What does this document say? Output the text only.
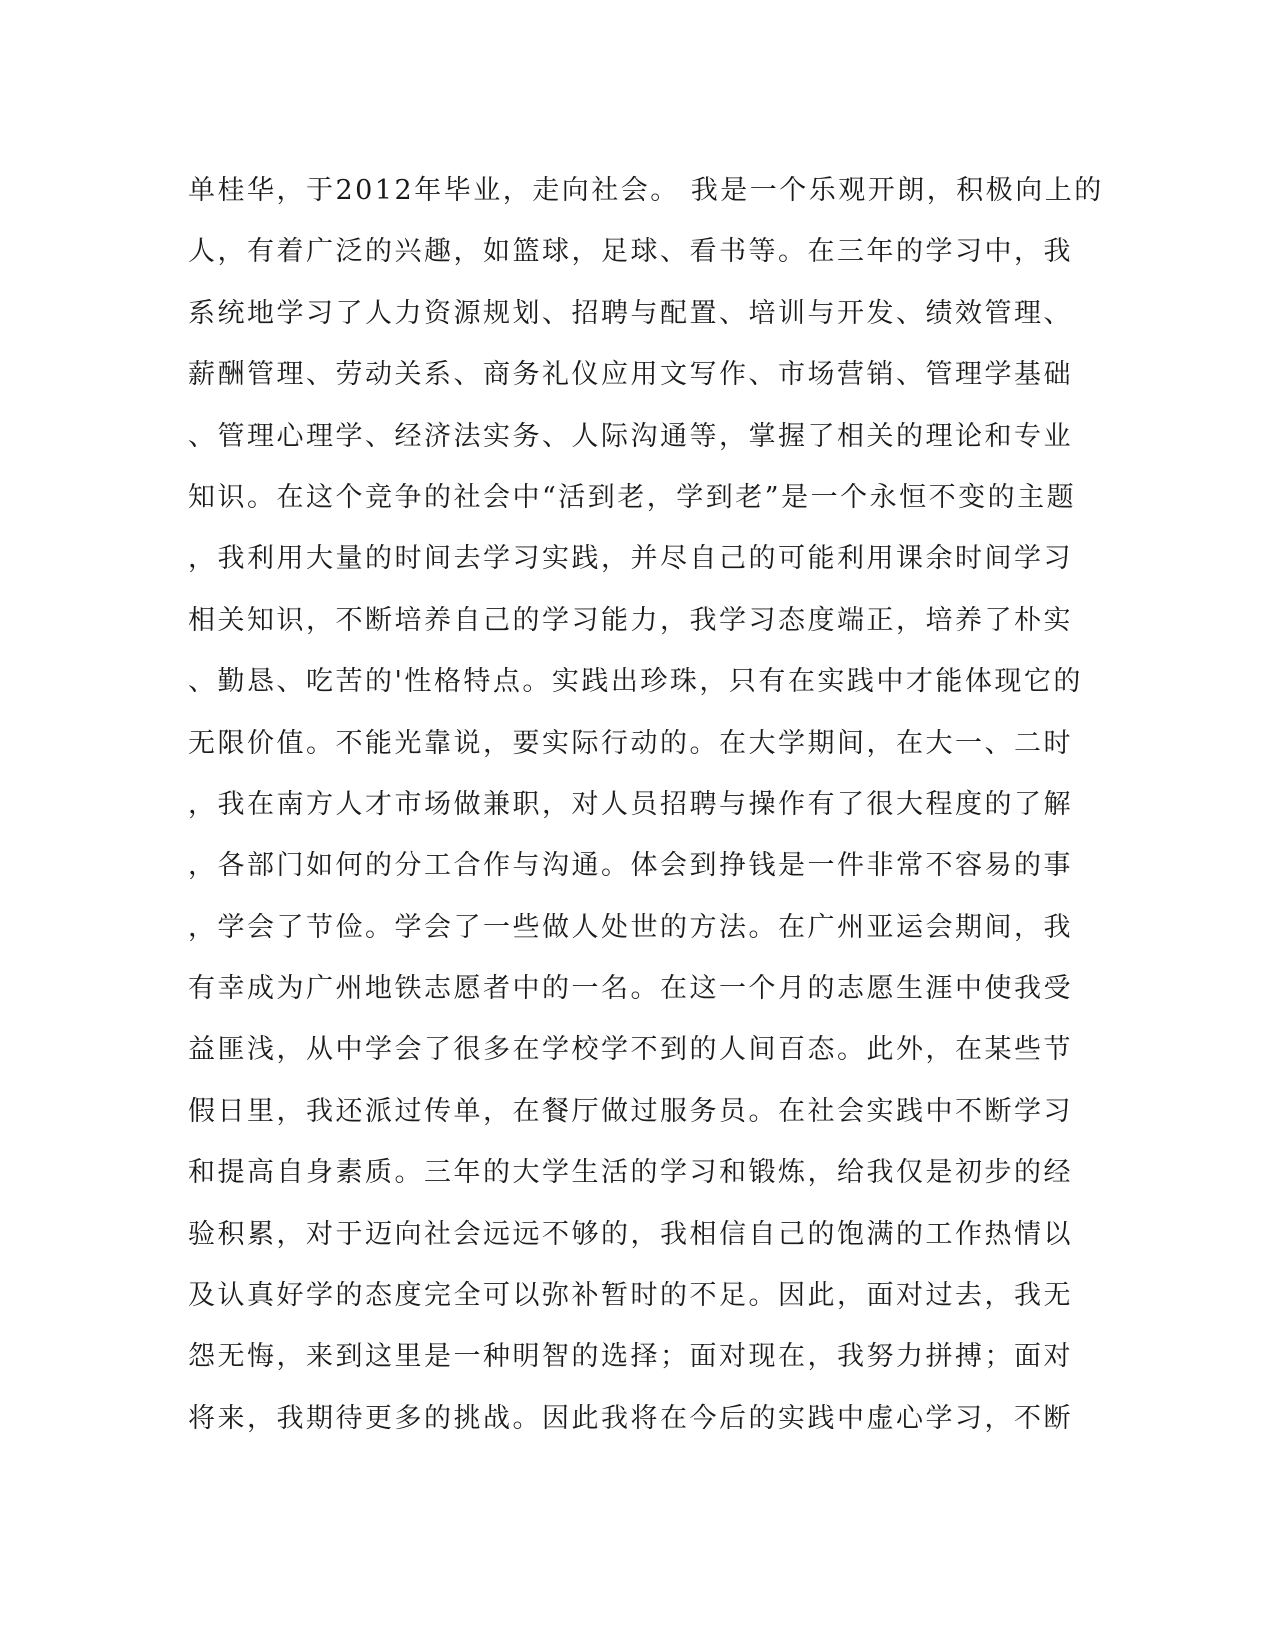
单桂华，于2012年毕业，走向社会。 我是一个乐观开朗，积极向上的
人，有着广泛的兴趣，如篮球，足球、看书等。在三年的学习中，我
系统地学习了人力资源规划、招聘与配置、培训与开发、绩效管理、
薪酬管理、劳动关系、商务礼仪应用文写作、市场营销、管理学基础
、管理心理学、经济法实务、人际沟通等，掌握了相关的理论和专业
知识。在这个竞争的社会中“活到老，学到老”是一个永恒不变的主题
，我利用大量的时间去学习实践，并尽自己的可能利用课余时间学习
相关知识，不断培养自己的学习能力，我学习态度端正，培养了朴实
、勤恳、吃苦的'性格特点。实践出珍珠，只有在实践中才能体现它的
无限价值。不能光靠说，要实际行动的。在大学期间，在大一、二时
，我在南方人才市场做兼职，对人员招聘与操作有了很大程度的了解
，各部门如何的分工合作与沟通。体会到挣钱是一件非常不容易的事
，学会了节俭。学会了一些做人处世的方法。在广州亚运会期间，我
有幸成为广州地铁志愿者中的一名。在这一个月的志愿生涯中使我受
益匪浅，从中学会了很多在学校学不到的人间百态。此外，在某些节
假日里，我还派过传单，在餐厅做过服务员。在社会实践中不断学习
和提高自身素质。三年的大学生活的学习和锻炼，给我仅是初步的经
验积累，对于迈向社会远远不够的，我相信自己的饱满的工作热情以
及认真好学的态度完全可以弥补暂时的不足。因此，面对过去，我无
怨无悔，来到这里是一种明智的选择；面对现在，我努力拼搏；面对
将来，我期待更多的挑战。因此我将在今后的实践中虚心学习，不断
